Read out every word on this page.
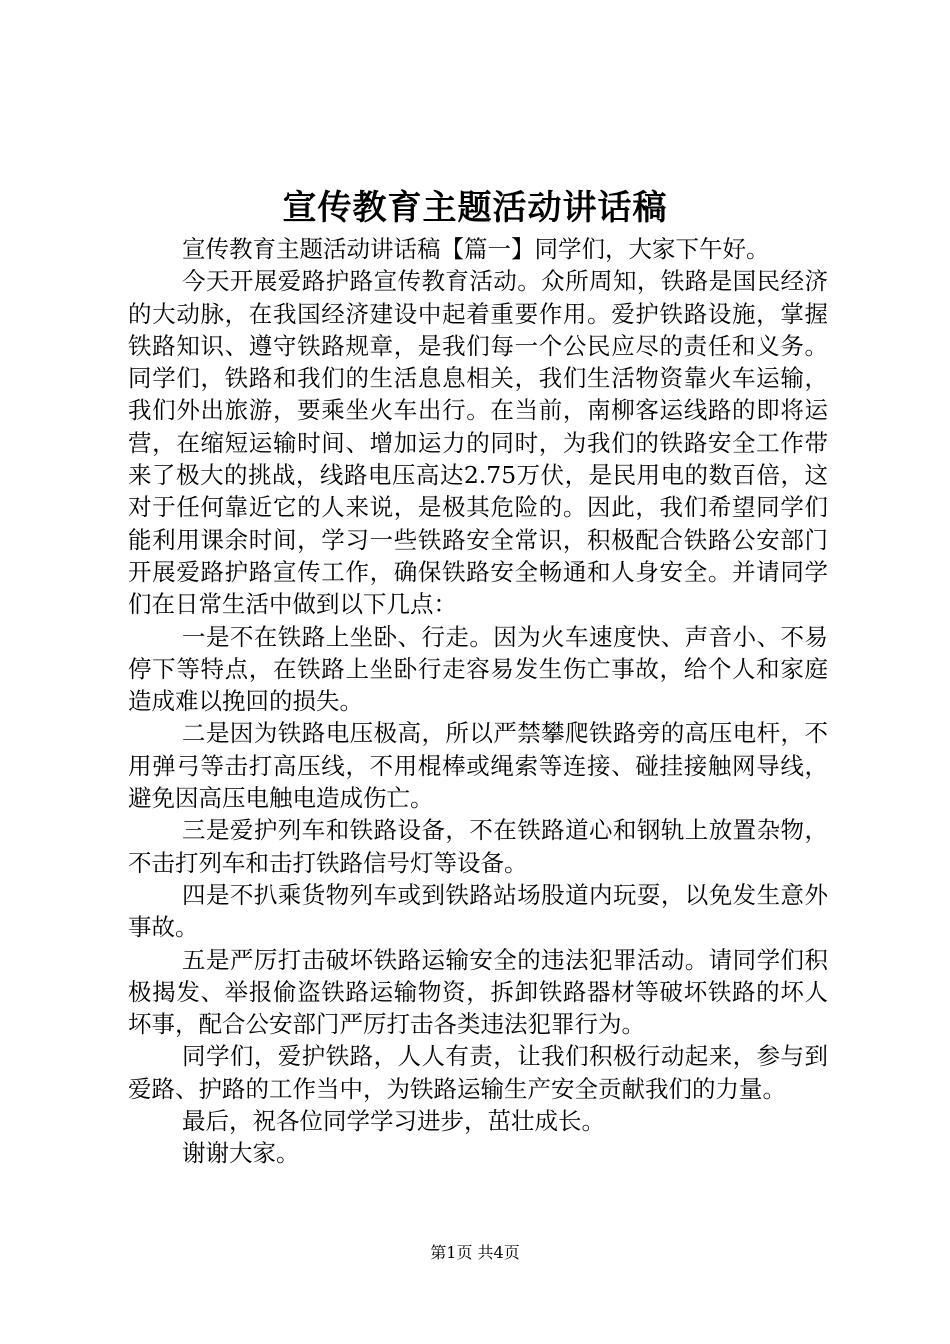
宣传教育主题活动讲话稿

宣传教育主题活动讲话稿【篇一】同学们，大家下午好。

今天开展爱路护路宣传教育活动。众所周知，铁路是国民经济的大动脉，在我国经济建设中起着重要作用。爱护铁路设施，掌握铁路知识、遵守铁路规章，是我们每一个公民应尽的责任和义务。同学们，铁路和我们的生活息息相关，我们生活物资靠火车运输，我们外出旅游，要乘坐火车出行。在当前，南柳客运线路的即将运营，在缩短运输时间、增加运力的同时，为我们的铁路安全工作带来了极大的挑战，线路电压高达2.75万伏，是民用电的数百倍，这对于任何靠近它的人来说，是极其危险的。因此，我们希望同学们能利用课余时间，学习一些铁路安全常识，积极配合铁路公安部门开展爱路护路宣传工作，确保铁路安全畅通和人身安全。并请同学们在日常生活中做到以下几点：

一是不在铁路上坐卧、行走。因为火车速度快、声音小、不易停下等特点，在铁路上坐卧行走容易发生伤亡事故，给个人和家庭造成难以挽回的损失。

二是因为铁路电压极高，所以严禁攀爬铁路旁的高压电杆，不用弹弓等击打高压线，不用棍棒或绳索等连接、碰挂接触网导线，避免因高压电触电造成伤亡。

三是爱护列车和铁路设备，不在铁路道心和钢轨上放置杂物，不击打列车和击打铁路信号灯等设备。

四是不扒乘货物列车或到铁路站场股道内玩耍，以免发生意外事故。

五是严厉打击破坏铁路运输安全的违法犯罪活动。请同学们积极揭发、举报偷盗铁路运输物资，拆卸铁路器材等破坏铁路的坏人坏事，配合公安部门严厉打击各类违法犯罪行为。

同学们，爱护铁路，人人有责，让我们积极行动起来，参与到爱路、护路的工作当中，为铁路运输生产安全贡献我们的力量。

最后，祝各位同学学习进步，茁壮成长。

谢谢大家。

第1页 共4页
